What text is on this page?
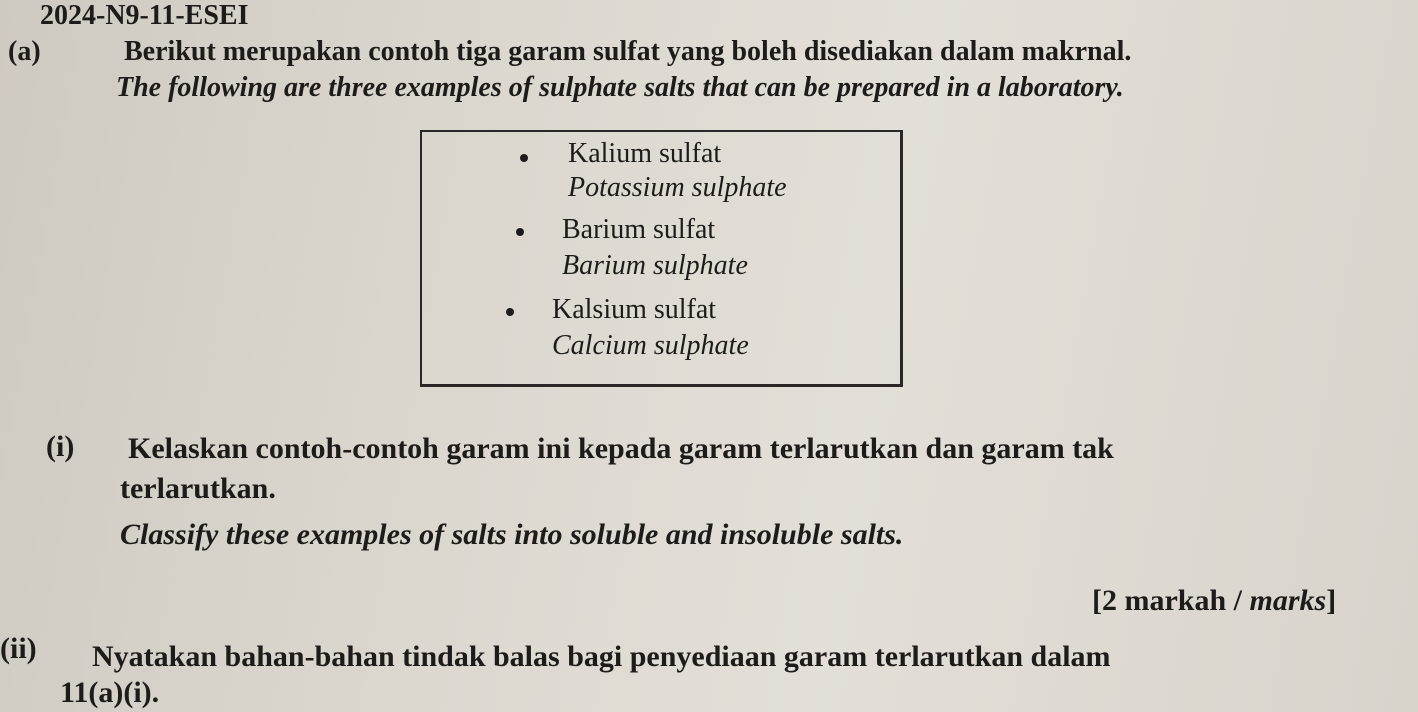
2024-N9-11-ESEI
(a)	Berikut merupakan contoh tiga garam sulfat yang boleh disediakan dalam makrnal.
The following are three examples of sulphate salts that can be prepared in a laboratory.
Kalium sulfat
Potassium sulphate
Barium sulfat
Barium sulphate
Kalsium sulfat
Calcium sulphate
(i) Kelaskan contoh-contoh garam ini kepada garam terlarutkan dan garam tak
terlarutkan.
Classify these examples of salts into soluble and insoluble salts.
[2 markah / marks]
(ii) Nyatakan bahan-bahan tindak balas bagi penyediaan garam terlarutkan dalam
11(a)(i).
